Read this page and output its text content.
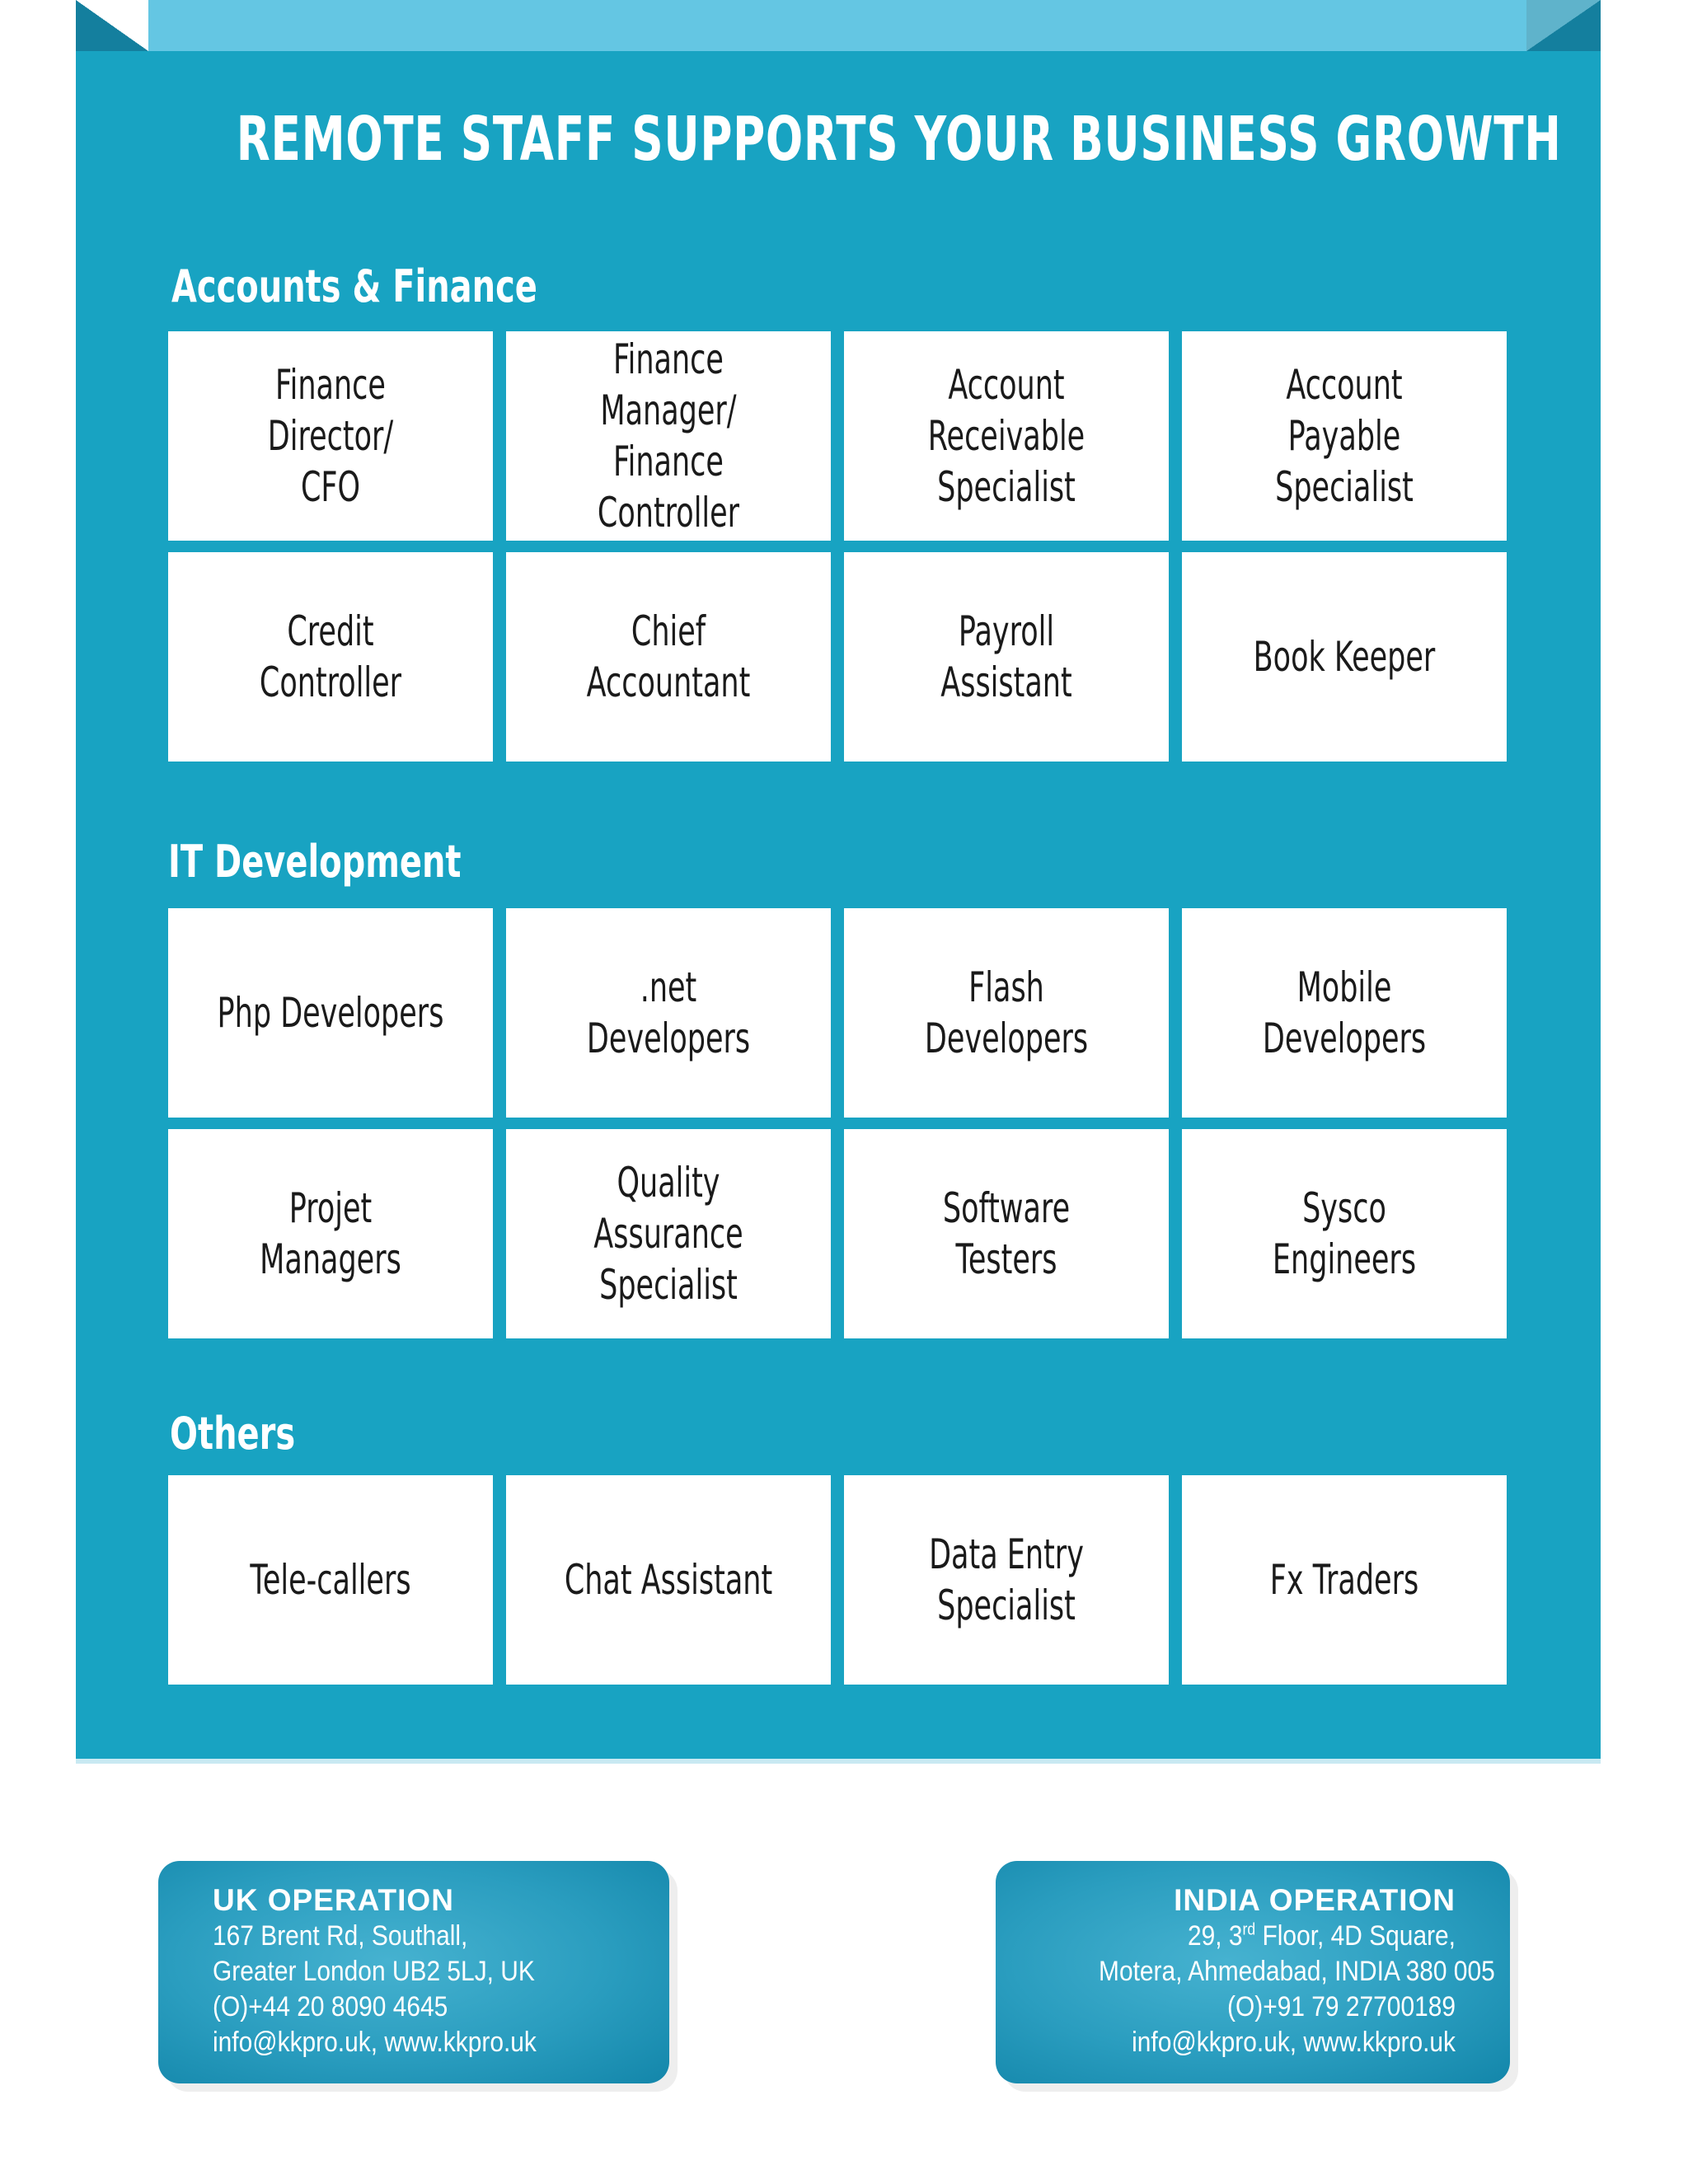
REMOTE STAFF SUPPORTS YOUR BUSINESS GROWTH
Accounts & Finance
Finance Director/
CFO
Finance Manager/
Finance Controller
Account
Receivable Specialist
Account
Payable Specialist
Credit Controller
Chief
Accountant
Payroll Assistant
Book Keeper
IT Development
Php Developers
.net Developers
Flash Developers
Mobile Developers
Projet Managers
Quality
Assurance Specialist
Software Testers
Sysco Engineers
Others
Tele-callers	Chat Assistant
Data Entry Specialist
Fx Traders
UK OPERATION
167 Brent Rd, Southall,
Greater London UB2 5LJ, UK
(O)+44 20 8090 4645
info@kkpro.uk, www.kkpro.uk
INDIA OPERATION
29, 3rd Floor, 4D Square,
Motera, Ahmedabad, INDIA 380 005
(O)+91 79 27700189
info@kkpro.uk, www.kkpro.uk
